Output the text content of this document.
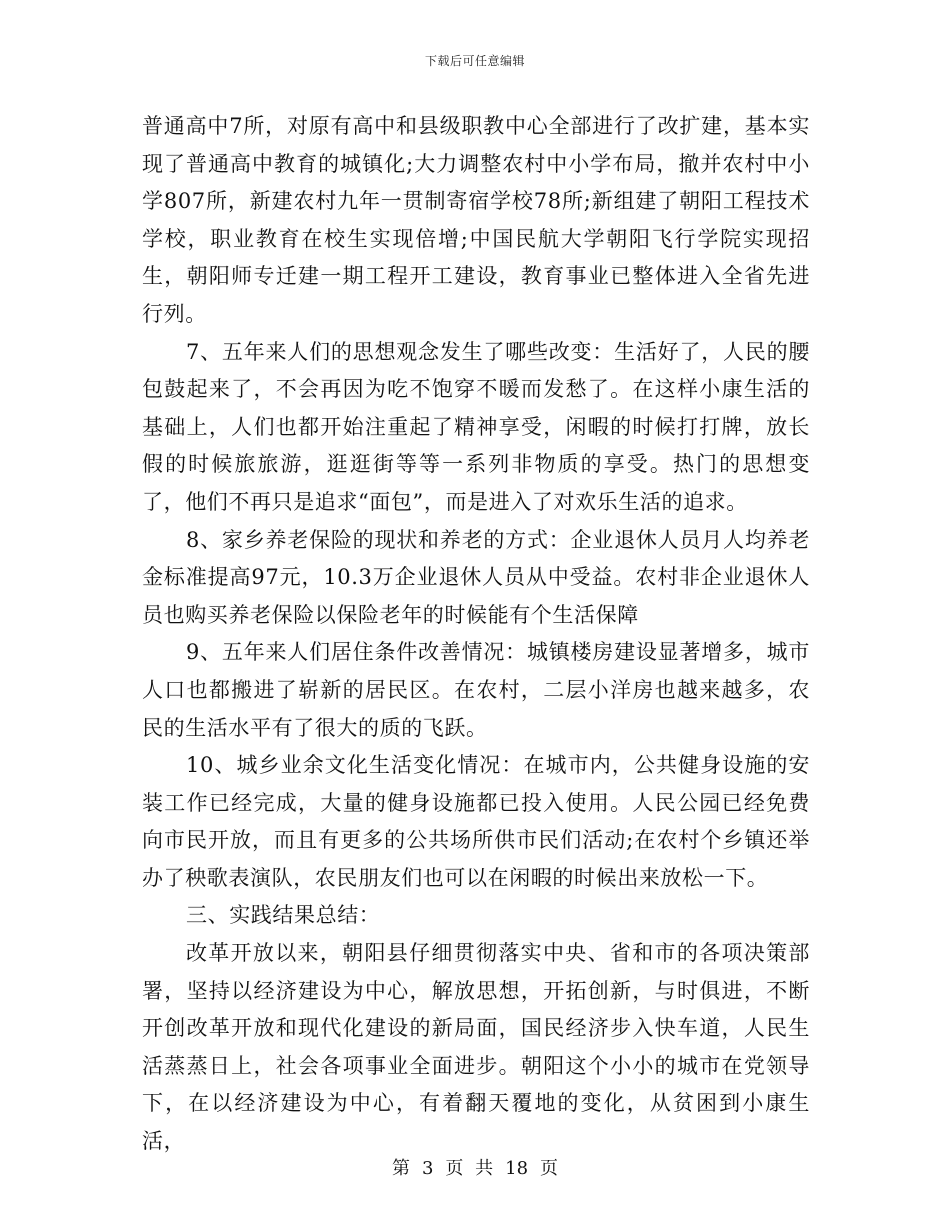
下载后可任意编辑

普通高中7所，对原有高中和县级职教中心全部进行了改扩建，基本实现了普通高中教育的城镇化;大力调整农村中小学布局，撤并农村中小学807所，新建农村九年一贯制寄宿学校78所;新组建了朝阳工程技术学校，职业教育在校生实现倍增;中国民航大学朝阳飞行学院实现招生，朝阳师专迁建一期工程开工建设，教育事业已整体进入全省先进行列。

7、五年来人们的思想观念发生了哪些改变：生活好了，人民的腰包鼓起来了，不会再因为吃不饱穿不暖而发愁了。在这样小康生活的基础上，人们也都开始注重起了精神享受，闲暇的时候打打牌，放长假的时候旅旅游，逛逛街等等一系列非物质的享受。热门的思想变了，他们不再只是追求“面包”，而是进入了对欢乐生活的追求。

8、家乡养老保险的现状和养老的方式：企业退休人员月人均养老金标准提高97元，10.3万企业退休人员从中受益。农村非企业退休人员也购买养老保险以保险老年的时候能有个生活保障

9、五年来人们居住条件改善情况：城镇楼房建设显著增多，城市人口也都搬进了崭新的居民区。在农村，二层小洋房也越来越多，农民的生活水平有了很大的质的飞跃。

10、城乡业余文化生活变化情况：在城市内，公共健身设施的安装工作已经完成，大量的健身设施都已投入使用。人民公园已经免费向市民开放，而且有更多的公共场所供市民们活动;在农村个乡镇还举办了秧歌表演队，农民朋友们也可以在闲暇的时候出来放松一下。

三、实践结果总结：

改革开放以来，朝阳县仔细贯彻落实中央、省和市的各项决策部署，坚持以经济建设为中心，解放思想，开拓创新，与时俱进，不断开创改革开放和现代化建设的新局面，国民经济步入快车道，人民生活蒸蒸日上，社会各项事业全面进步。朝阳这个小小的城市在党领导下，在以经济建设为中心，有着翻天覆地的变化，从贫困到小康生活，

第 3 页 共 18 页
